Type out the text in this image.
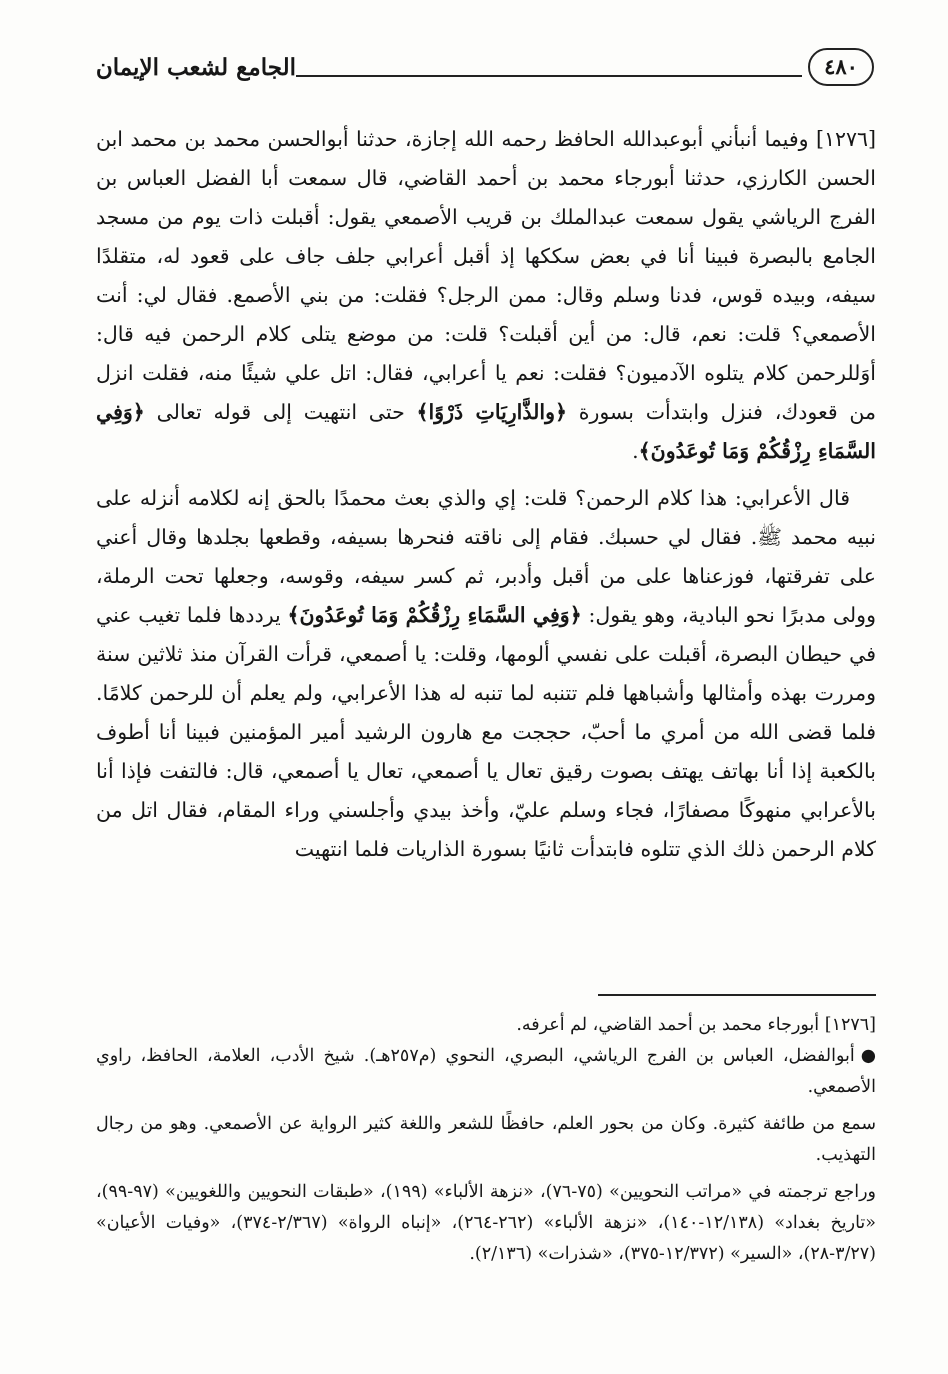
الجامع لشعب الإيمان	٤٨٠

[١٢٧٦] وفيما أنبأني أبوعبدالله الحافظ رحمه الله إجازة، حدثنا أبوالحسن محمد بن محمد ابن الحسن الكارزي، حدثنا أبورجاء محمد بن أحمد القاضي، قال سمعت أبا الفضل العباس بن الفرج الرياشي يقول سمعت عبدالملك بن قريب الأصمعي يقول: أقبلت ذات يوم من مسجد الجامع بالبصرة فبينا أنا في بعض سككها إذ أقبل أعرابي جلف جاف على قعود له، متقلدًا سيفه، وبيده قوس، فدنا وسلم وقال: ممن الرجل؟ فقلت: من بني الأصمع. فقال لي: أنت الأصمعي؟ قلت: نعم، قال: من أين أقبلت؟ قلت: من موضع يتلى كلام الرحمن فيه قال: أوَللرحمن كلام يتلوه الآدميون؟ فقلت: نعم يا أعرابي، فقال: اتل علي شيئًا منه، فقلت انزل من قعودك، فنزل وابتدأت بسورة ﴿والذَّارِيَاتِ ذَرْوًا﴾ حتى انتهيت إلى قوله تعالى ﴿وَفِي السَّمَاءِ رِزْقُكُمْ وَمَا تُوعَدُونَ﴾.

قال الأعرابي: هذا كلام الرحمن؟ قلت: إي والذي بعث محمدًا بالحق إنه لكلامه أنزله على نبيه محمد ﷺ. فقال لي حسبك. فقام إلى ناقته فنحرها بسيفه، وقطعها بجلدها وقال أعني على تفرقتها، فوزعناها على من أقبل وأدبر، ثم كسر سيفه، وقوسه، وجعلها تحت الرملة، وولى مدبرًا نحو البادية، وهو يقول: ﴿وَفِي السَّمَاءِ رِزْقُكُمْ وَمَا تُوعَدُونَ﴾ يرددها فلما تغيب عني في حيطان البصرة، أقبلت على نفسي ألومها، وقلت: يا أصمعي، قرأت القرآن منذ ثلاثين سنة ومررت بهذه وأمثالها وأشباهها فلم تتنبه لما تنبه له هذا الأعرابي، ولم يعلم أن للرحمن كلامًا. فلما قضى الله من أمري ما أحبّ، حججت مع هارون الرشيد أمير المؤمنين فبينا أنا أطوف بالكعبة إذا أنا بهاتف يهتف بصوت رقيق تعال يا أصمعي، تعال يا أصمعي، قال: فالتفت فإذا أنا بالأعرابي منهوكًا مصفارًا، فجاء وسلم عليّ، وأخذ بيدي وأجلسني وراء المقام، فقال اتل من كلام الرحمن ذلك الذي تتلوه فابتدأت ثانيًا بسورة الذاريات فلما انتهيت

[١٢٧٦] أبورجاء محمد بن أحمد القاضي، لم أعرفه.

●أبوالفضل، العباس بن الفرج الرياشي، البصري، النحوي (م٢٥٧هـ). شيخ الأدب، العلامة، الحافظ، راوي الأصمعي.

سمع من طائفة كثيرة. وكان من بحور العلم، حافظًا للشعر واللغة كثير الرواية عن الأصمعي. وهو من رجال التهذيب.

وراجع ترجمته في «مراتب النحويين» (٧٥-٧٦)، «نزهة الألباء» (١٩٩)، «طبقات النحويين واللغويين» (٩٧-٩٩)، «تاريخ بغداد» (١٢/١٣٨-١٤٠)، «نزهة الألباء» (٢٦٢-٢٦٤)، «إنباه الرواة» (٢/٣٦٧-٣٧٤)، «وفيات الأعيان» (٣/٢٧-٢٨)، «السير» (١٢/٣٧٢-٣٧٥)، «شذرات» (٢/١٣٦).
